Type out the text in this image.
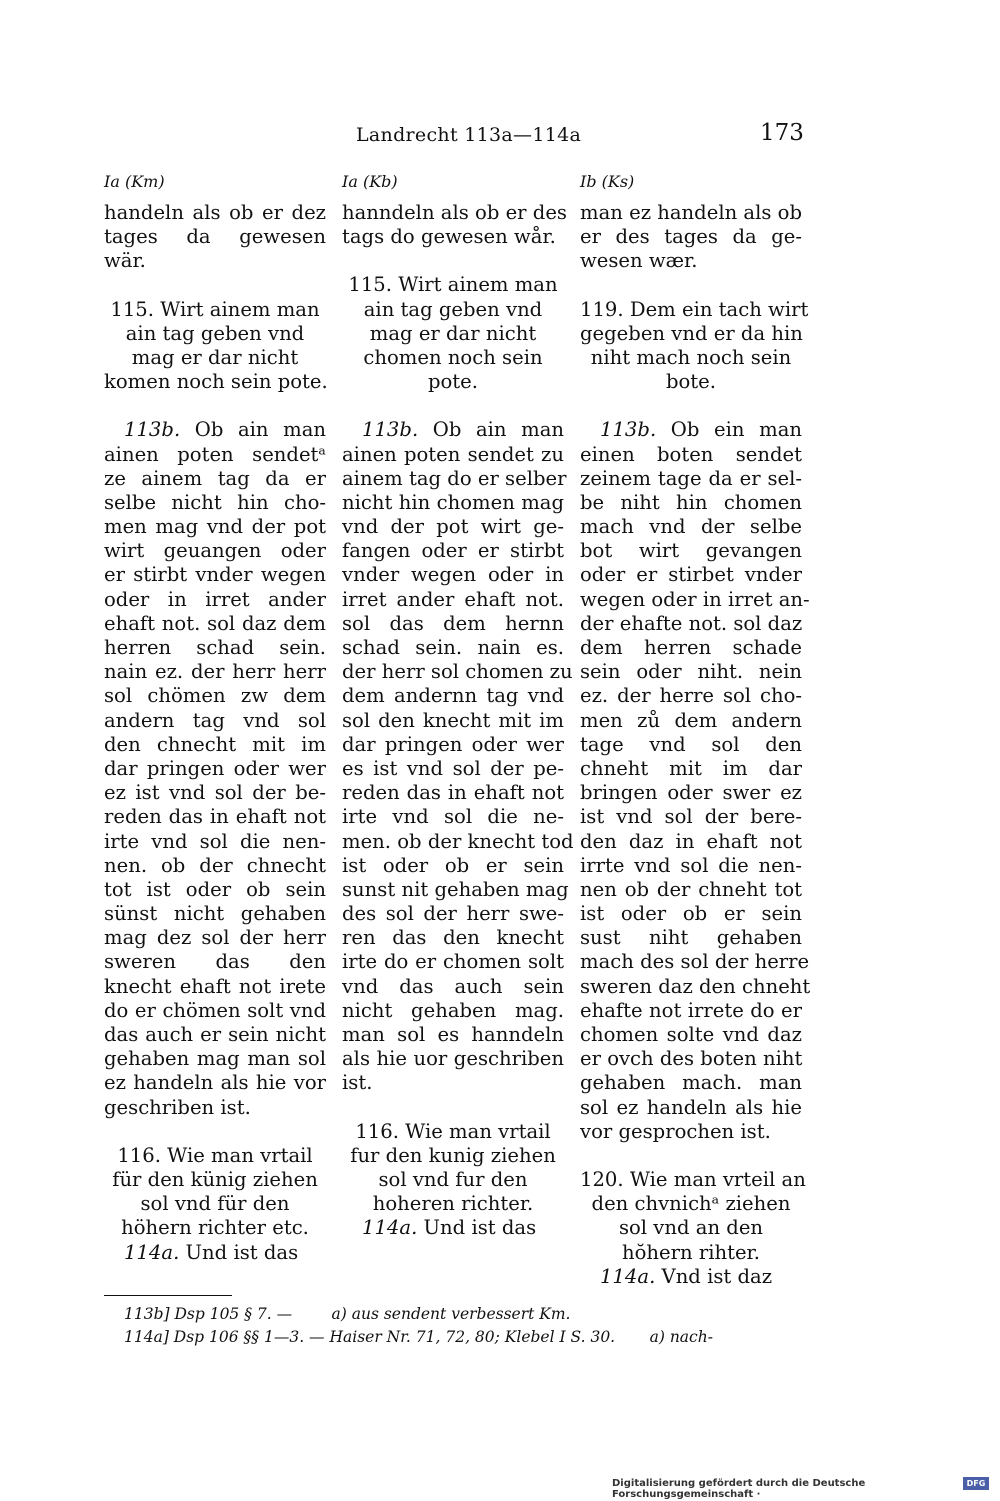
Landrecht 113a—114a	173
Ia (Km)	Ia (Kb)	Ib (Ks)
handeln als ob er dez
tages da gewesen
wär.
115. Wirt ainem man
ain tag geben vnd
mag er dar nicht
komen noch sein pote.
113b. Ob ain man
ainen poten sendetᵃ
ze ainem tag da er
selbe nicht hin cho-
men mag vnd der pot
wirt geuangen oder
er stirbt vnder wegen
oder in irret ander
ehaft not. sol daz dem
herren schad sein.
nain ez. der herr herr
sol chömen zw dem
andern tag vnd sol
den chnecht mit im
dar pringen oder wer
ez ist vnd sol der be-
reden das in ehaft not
irte vnd sol die nen-
nen. ob der chnecht
tot ist oder ob sein
sünst nicht gehaben
mag dez sol der herr
sweren das den
knecht ehaft not irete
do er chömen solt vnd
das auch er sein nicht
gehaben mag man sol
ez handeln als hie vor
geschriben ist.
116. Wie man vrtail
für den künig ziehen
sol vnd für den
höhern richter etc.
114a. Und ist das
hanndeln als ob er des
tags do gewesen wår.
115. Wirt ainem man
ain tag geben vnd
mag er dar nicht
chomen noch sein
pote.
113b. Ob ain man
ainen poten sendet zu
ainem tag do er selber
nicht hin chomen mag
vnd der pot wirt ge-
fangen oder er stirbt
vnder wegen oder in
irret ander ehaft not.
sol das dem hernn
schad sein. nain es.
der herr sol chomen zu
dem andernn tag vnd
sol den knecht mit im
dar pringen oder wer
es ist vnd sol der pe-
reden das in ehaft not
irte vnd sol die ne-
men. ob der knecht tod
ist oder ob er sein
sunst nit gehaben mag
des sol der herr swe-
ren das den knecht
irte do er chomen solt
vnd das auch sein
nicht gehaben mag.
man sol es hanndeln
als hie uor geschriben
ist.
116. Wie man vrtail
fur den kunig ziehen
sol vnd fur den
hoheren richter.
114a. Und ist das
man ez handeln als ob
er des tages da ge-
wesen wær.
119. Dem ein tach wirt
gegeben vnd er da hin
niht mach noch sein
bote.
113b. Ob ein man
einen boten sendet
zeinem tage da er sel-
be niht hin chomen
mach vnd der selbe
bot wirt gevangen
oder er stirbet vnder
wegen oder in irret an-
der ehafte not. sol daz
dem herren schade
sein oder niht. nein
ez. der herre sol cho-
men zů dem andern
tage vnd sol den
chneht mit im dar
bringen oder swer ez
ist vnd sol der bere-
den daz in ehaft not
irrte vnd sol die nen-
nen ob der chneht tot
ist oder ob er sein
sust niht gehaben
mach des sol der herre
sweren daz den chneht
ehafte not irrete do er
chomen solte vnd daz
er ovch des boten niht
gehaben mach. man
sol ez handeln als hie
vor gesprochen ist.
120. Wie man vrteil an
den chvnichᵃ ziehen
sol vnd an den
hŏhern rihter.
114a. Vnd ist daz
113b] Dsp 105 § 7. —        a) aus sendent verbessert Km.
114a] Dsp 106 §§ 1—3. — Haiser Nr. 71, 72, 80; Klebel I S. 30.       a) nach-
Digitalisierung gefördert durch die Deutsche Forschungsgemeinschaft ·
DFG
